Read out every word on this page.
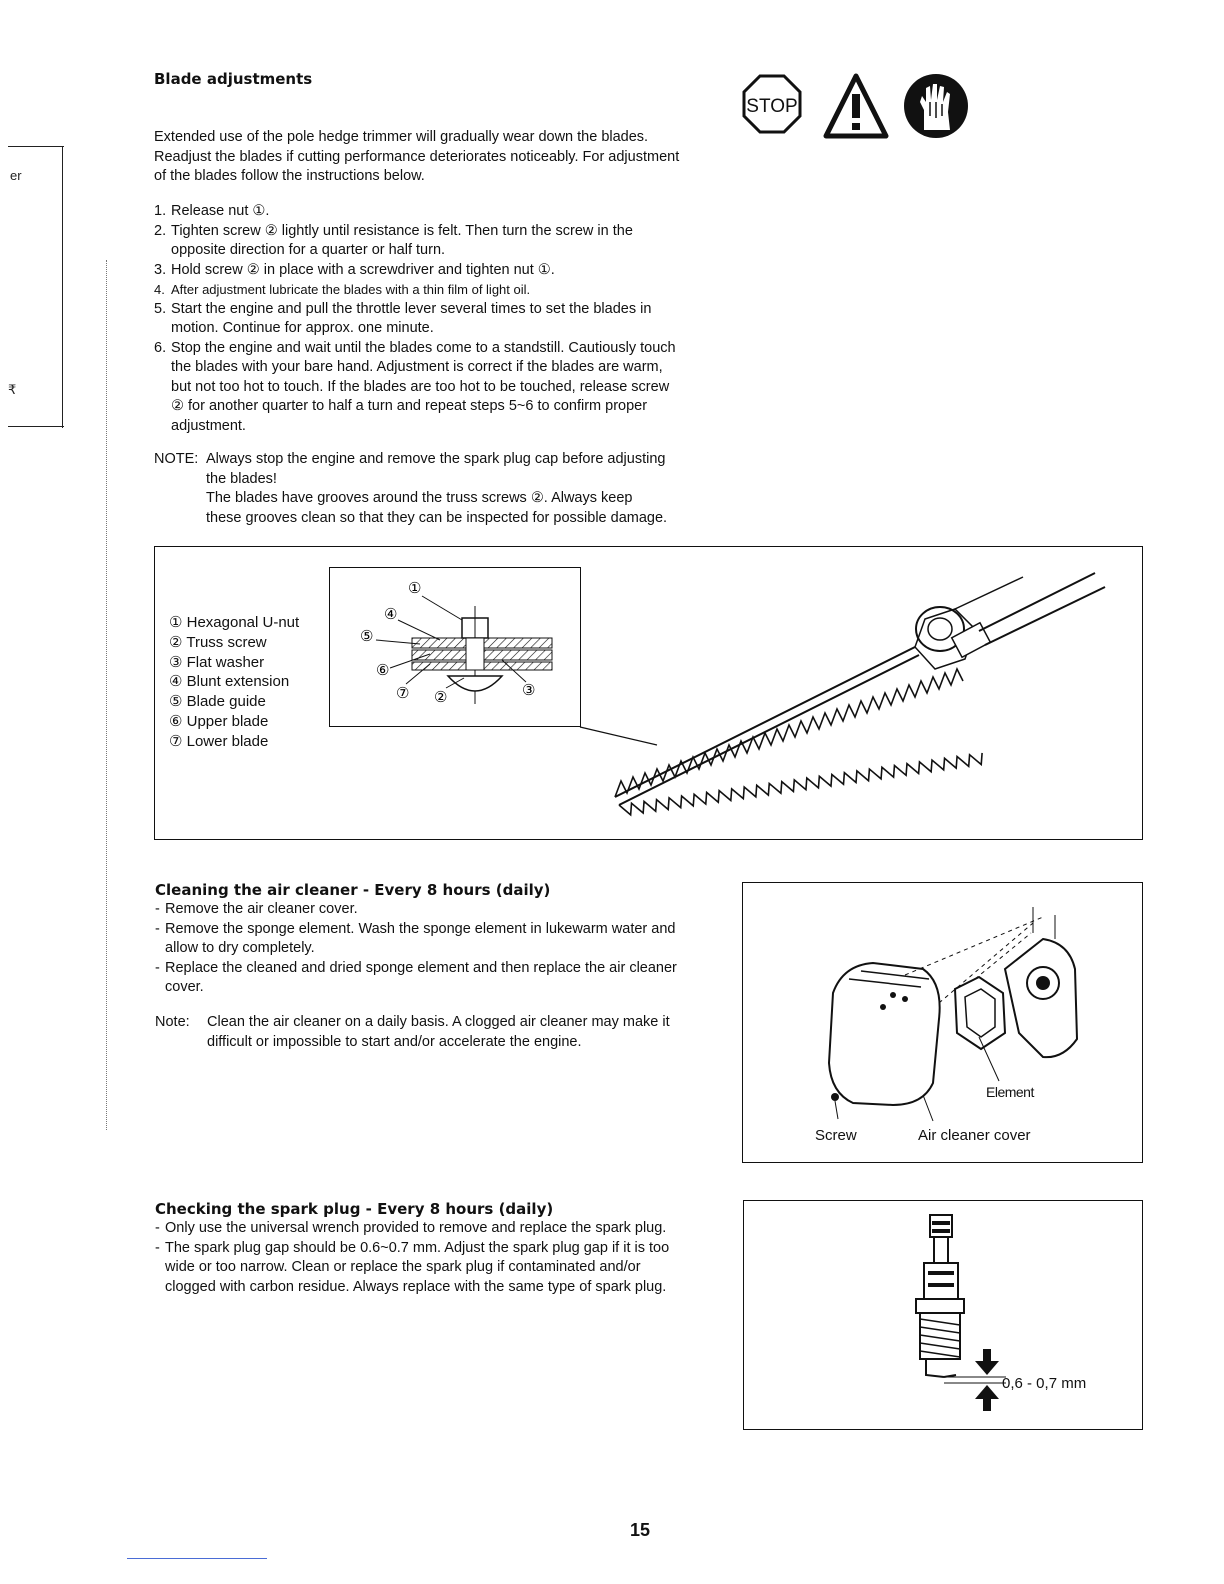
er
₹
Blade adjustments
STOP
Extended use of the pole hedge trimmer will gradually wear down the blades.
Readjust the blades if cutting performance deteriorates noticeably. For adjustment
of the blades follow the instructions below.
1. Release nut ①.
2. Tighten screw ② lightly until resistance is felt. Then turn the screw in the
opposite direction for a quarter or half turn.
3. Hold screw ② in place with a screwdriver and tighten nut ①.
4. After adjustment lubricate the blades with a thin film of light oil.
5. Start the engine and pull the throttle lever several times to set the blades in
motion. Continue for approx. one minute.
6. Stop the engine and wait until the blades come to a standstill. Cautiously touch
the blades with your bare hand. Adjustment is correct if the blades are warm,
but not too hot to touch. If the blades are too hot to be touched, release screw
② for another quarter to half a turn and repeat steps 5~6 to confirm proper
adjustment.
NOTE: Always stop the engine and remove the spark plug cap before adjusting
the blades!
The blades have grooves around the truss screws ②. Always keep
these grooves clean so that they can be inspected for possible damage.
① Hexagonal U-nut
② Truss screw
③ Flat washer
④ Blunt extension
⑤ Blade guide
⑥ Upper blade
⑦ Lower blade
①
④
⑤
⑥
⑦ ②	③
Cleaning the air cleaner - Every 8 hours (daily)
- Remove the air cleaner cover.
- Remove the sponge element. Wash the sponge element in lukewarm water and
allow to dry completely.
- Replace the cleaned and dried sponge element and then replace the air cleaner
cover.
Note:	Clean the air cleaner on a daily basis. A clogged air cleaner may make it
difficult or impossible to start and/or accelerate the engine.
Element
Screw	Air cleaner cover
Checking the spark plug - Every 8 hours (daily)
- Only use the universal wrench provided to remove and replace the spark plug.
- The spark plug gap should be 0.6~0.7 mm. Adjust the spark plug gap if it is too
wide or too narrow. Clean or replace the spark plug if contaminated and/or
clogged with carbon residue. Always replace with the same type of spark plug.
0,6 - 0,7 mm
15
